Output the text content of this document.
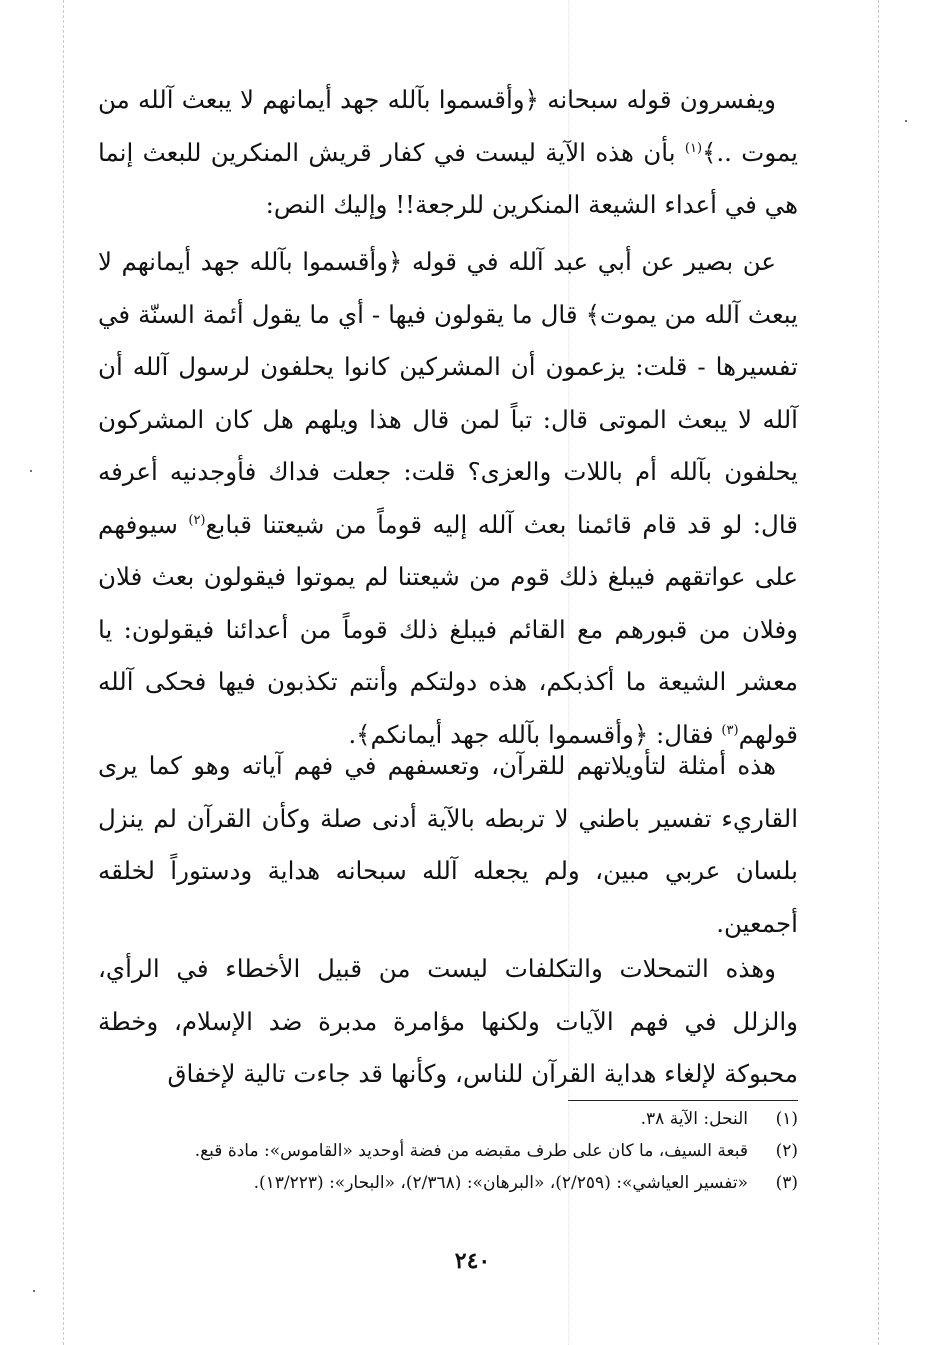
ويفسرون قوله سبحانه ﴿وأقسموا بآلله جهد أيمانهم لا يبعث آلله من يموت ..﴾$^{(١)}$ بأن هذه الآية ليست في كفار قريش المنكرين للبعث إنما هي في أعداء الشيعة المنكرين للرجعة!! وإليك النص:

عن بصير عن أبي عبد آلله في قوله ﴿وأقسموا بآلله جهد أيمانهم لا يبعث آلله من يموت﴾ قال ما يقولون فيها - أي ما يقول أئمة السنّة في تفسيرها - قلت: يزعمون أن المشركين كانوا يحلفون لرسول آلله أن آلله لا يبعث الموتى قال: تباً لمن قال هذا ويلهم هل كان المشركون يحلفون بآلله أم باللات والعزى؟ قلت: جعلت فداك فأوجدنيه أعرفه قال: لو قد قام قائمنا بعث آلله إليه قوماً من شيعتنا قبابع$^{(٢)}$ سيوفهم على عواتقهم فيبلغ ذلك قوم من شيعتنا لم يموتوا فيقولون بعث فلان وفلان من قبورهم مع القائم فيبلغ ذلك قوماً من أعدائنا فيقولون: يا معشر الشيعة ما أكذبكم، هذه دولتكم وأنتم تكذبون فيها فحكى آلله قولهم$^{(٣)}$ فقال: ﴿وأقسموا بآلله جهد أيمانكم﴾.

هذه أمثلة لتأويلاتهم للقرآن، وتعسفهم في فهم آياته وهو كما يرى القاريء تفسير باطني لا تربطه بالآية أدنى صلة وكأن القرآن لم ينزل بلسان عربي مبين، ولم يجعله آلله سبحانه هداية ودستوراً لخلقه أجمعين.

وهذه التمحلات والتكلفات ليست من قبيل الأخطاء في الرأي، والزلل في فهم الآيات ولكنها مؤامرة مدبرة ضد الإسلام، وخطة محبوكة لإلغاء هداية القرآن للناس، وكأنها قد جاءت تالية لإخفاق

(١)
النحل: الآية ٣٨.
(٢)
قبعة السيف، ما كان على طرف مقبضه من فضة أوحديد «القاموس»: مادة قبع.
(٣)
«تفسير العياشي»: (٢/٢٥٩)، «البرهان»: (٢/٣٦٨)، «البحار»: (١٣/٢٢٣).
٢٤٠
